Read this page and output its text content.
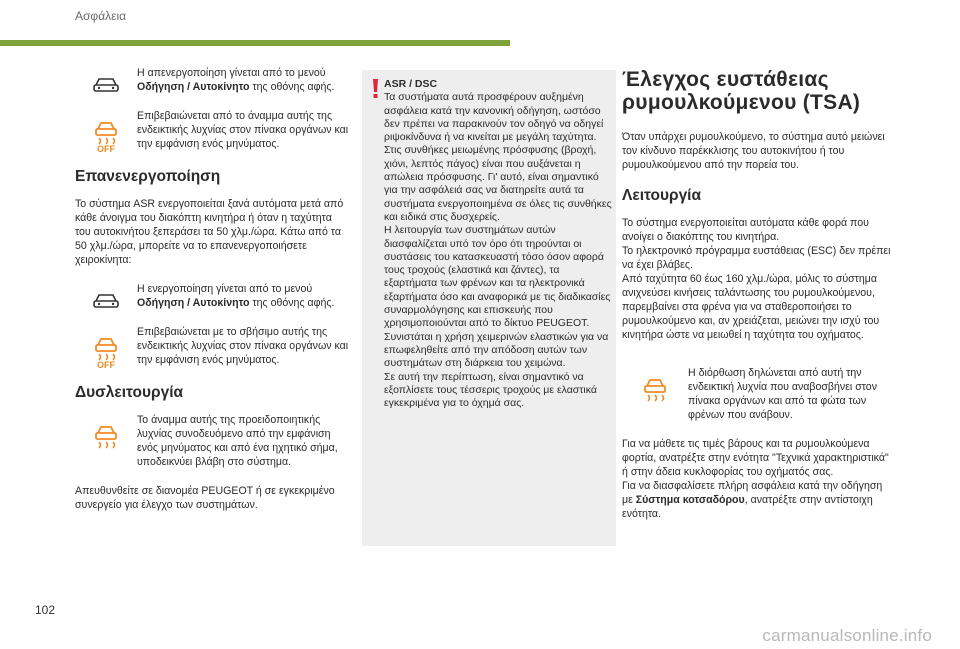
Ασφάλεια
Η απενεργοποίηση γίνεται από το μενού
Οδήγηση / Αυτοκίνητο της οθόνης αφής.
OFF
Επιβεβαιώνεται από το άναμμα αυτής της ενδεικτικής λυχνίας στον πίνακα οργάνων και την εμφάνιση ενός μηνύματος.
Επανενεργοποίηση

Το σύστημα ASR ενεργοποιείται ξανά αυτόματα μετά από κάθε άνοιγμα του διακόπτη κινητήρα ή όταν η ταχύτητα του αυτοκινήτου ξεπεράσει τα 50 χλμ./ώρα. Κάτω από τα 50 χλμ./ώρα, μπορείτε να το επανενεργοποιήσετε χειροκίνητα:

Η ενεργοποίηση γίνεται από το μενού
Οδήγηση / Αυτοκίνητο της οθόνης αφής.
OFF
Επιβεβαιώνεται με το σβήσιμο αυτής της ενδεικτικής λυχνίας στον πίνακα οργάνων και την εμφάνιση ενός μηνύματος.
Δυσλειτουργία
Το άναμμα αυτής της προειδοποιητικής λυχνίας συνοδευόμενο από την εμφάνιση ενός μηνύματος και από ένα ηχητικό σήμα, υποδεικνύει βλάβη στο σύστημα.

Απευθυνθείτε σε διανομέα PEUGEOT ή σε εγκεκριμένο συνεργείο για έλεγχο των συστημάτων.

ASR / DSC
Τα συστήματα αυτά προσφέρουν αυξημένη ασφάλεια κατά την κανονική οδήγηση, ωστόσο δεν πρέπει να παρακινούν τον οδηγό να οδηγεί ριψοκίνδυνα ή να κινείται με μεγάλη ταχύτητα. Στις συνθήκες μειωμένης πρόσφυσης (βροχή, χιόνι, λεπτός πάγος) είναι που αυξάνεται η απώλεια πρόσφυσης. Γι' αυτό, είναι σημαντικό για την ασφάλειά σας να διατηρείτε αυτά τα συστήματα ενεργοποιημένα σε όλες τις συνθήκες και ειδικά στις δυσχερείς.
Η λειτουργία των συστημάτων αυτών διασφαλίζεται υπό τον όρο ότι τηρούνται οι συστάσεις του κατασκευαστή τόσο όσον αφορά τους τροχούς (ελαστικά και ζάντες), τα εξαρτήματα των φρένων και τα ηλεκτρονικά εξαρτήματα όσο και αναφορικά με τις διαδικασίες συναρμολόγησης και επισκευής που χρησιμοποιούνται από το δίκτυο PEUGEOT.
Συνιστάται η χρήση χειμερινών ελαστικών για να επωφεληθείτε από την απόδοση αυτών των συστημάτων στη διάρκεια του χειμώνα.
Σε αυτή την περίπτωση, είναι σημαντικό να εξοπλίσετε τους τέσσερις τροχούς με ελαστικά εγκεκριμένα για το όχημά σας.
Έλεγχος ευστάθειας ρυμουλκούμενου (TSA)

Όταν υπάρχει ρυμουλκούμενο, το σύστημα αυτό μειώνει τον κίνδυνο παρέκκλισης του αυτοκινήτου ή του ρυμουλκούμενου από την πορεία του.

Λειτουργία

Το σύστημα ενεργοποιείται αυτόματα κάθε φορά που ανοίγει ο διακόπτης του κινητήρα.

Το ηλεκτρονικό πρόγραμμα ευστάθειας (ESC) δεν πρέπει να έχει βλάβες.

Από ταχύτητα 60 έως 160 χλμ./ώρα, μόλις το σύστημα ανιχνεύσει κινήσεις ταλάντωσης του ρυμουλκούμενου, παρεμβαίνει στα φρένα για να σταθεροποιήσει το ρυμουλκούμενο και, αν χρειάζεται, μειώνει την ισχύ του κινητήρα ώστε να μειωθεί η ταχύτητα του οχήματος.

Η διόρθωση δηλώνεται από αυτή την ενδεικτική λυχνία που αναβοσβήνει στον πίνακα οργάνων και από τα φώτα των φρένων που ανάβουν.

Για να μάθετε τις τιμές βάρους και τα ρυμουλκούμενα φορτία, ανατρέξτε στην ενότητα "Τεχνικά χαρακτηριστικά" ή στην άδεια κυκλοφορίας του οχήματός σας.
Για να διασφαλίσετε πλήρη ασφάλεια κατά την οδήγηση με Σύστημα κοτσαδόρου, ανατρέξτε στην αντίστοιχη ενότητα.

102
carmanualsonline.info
